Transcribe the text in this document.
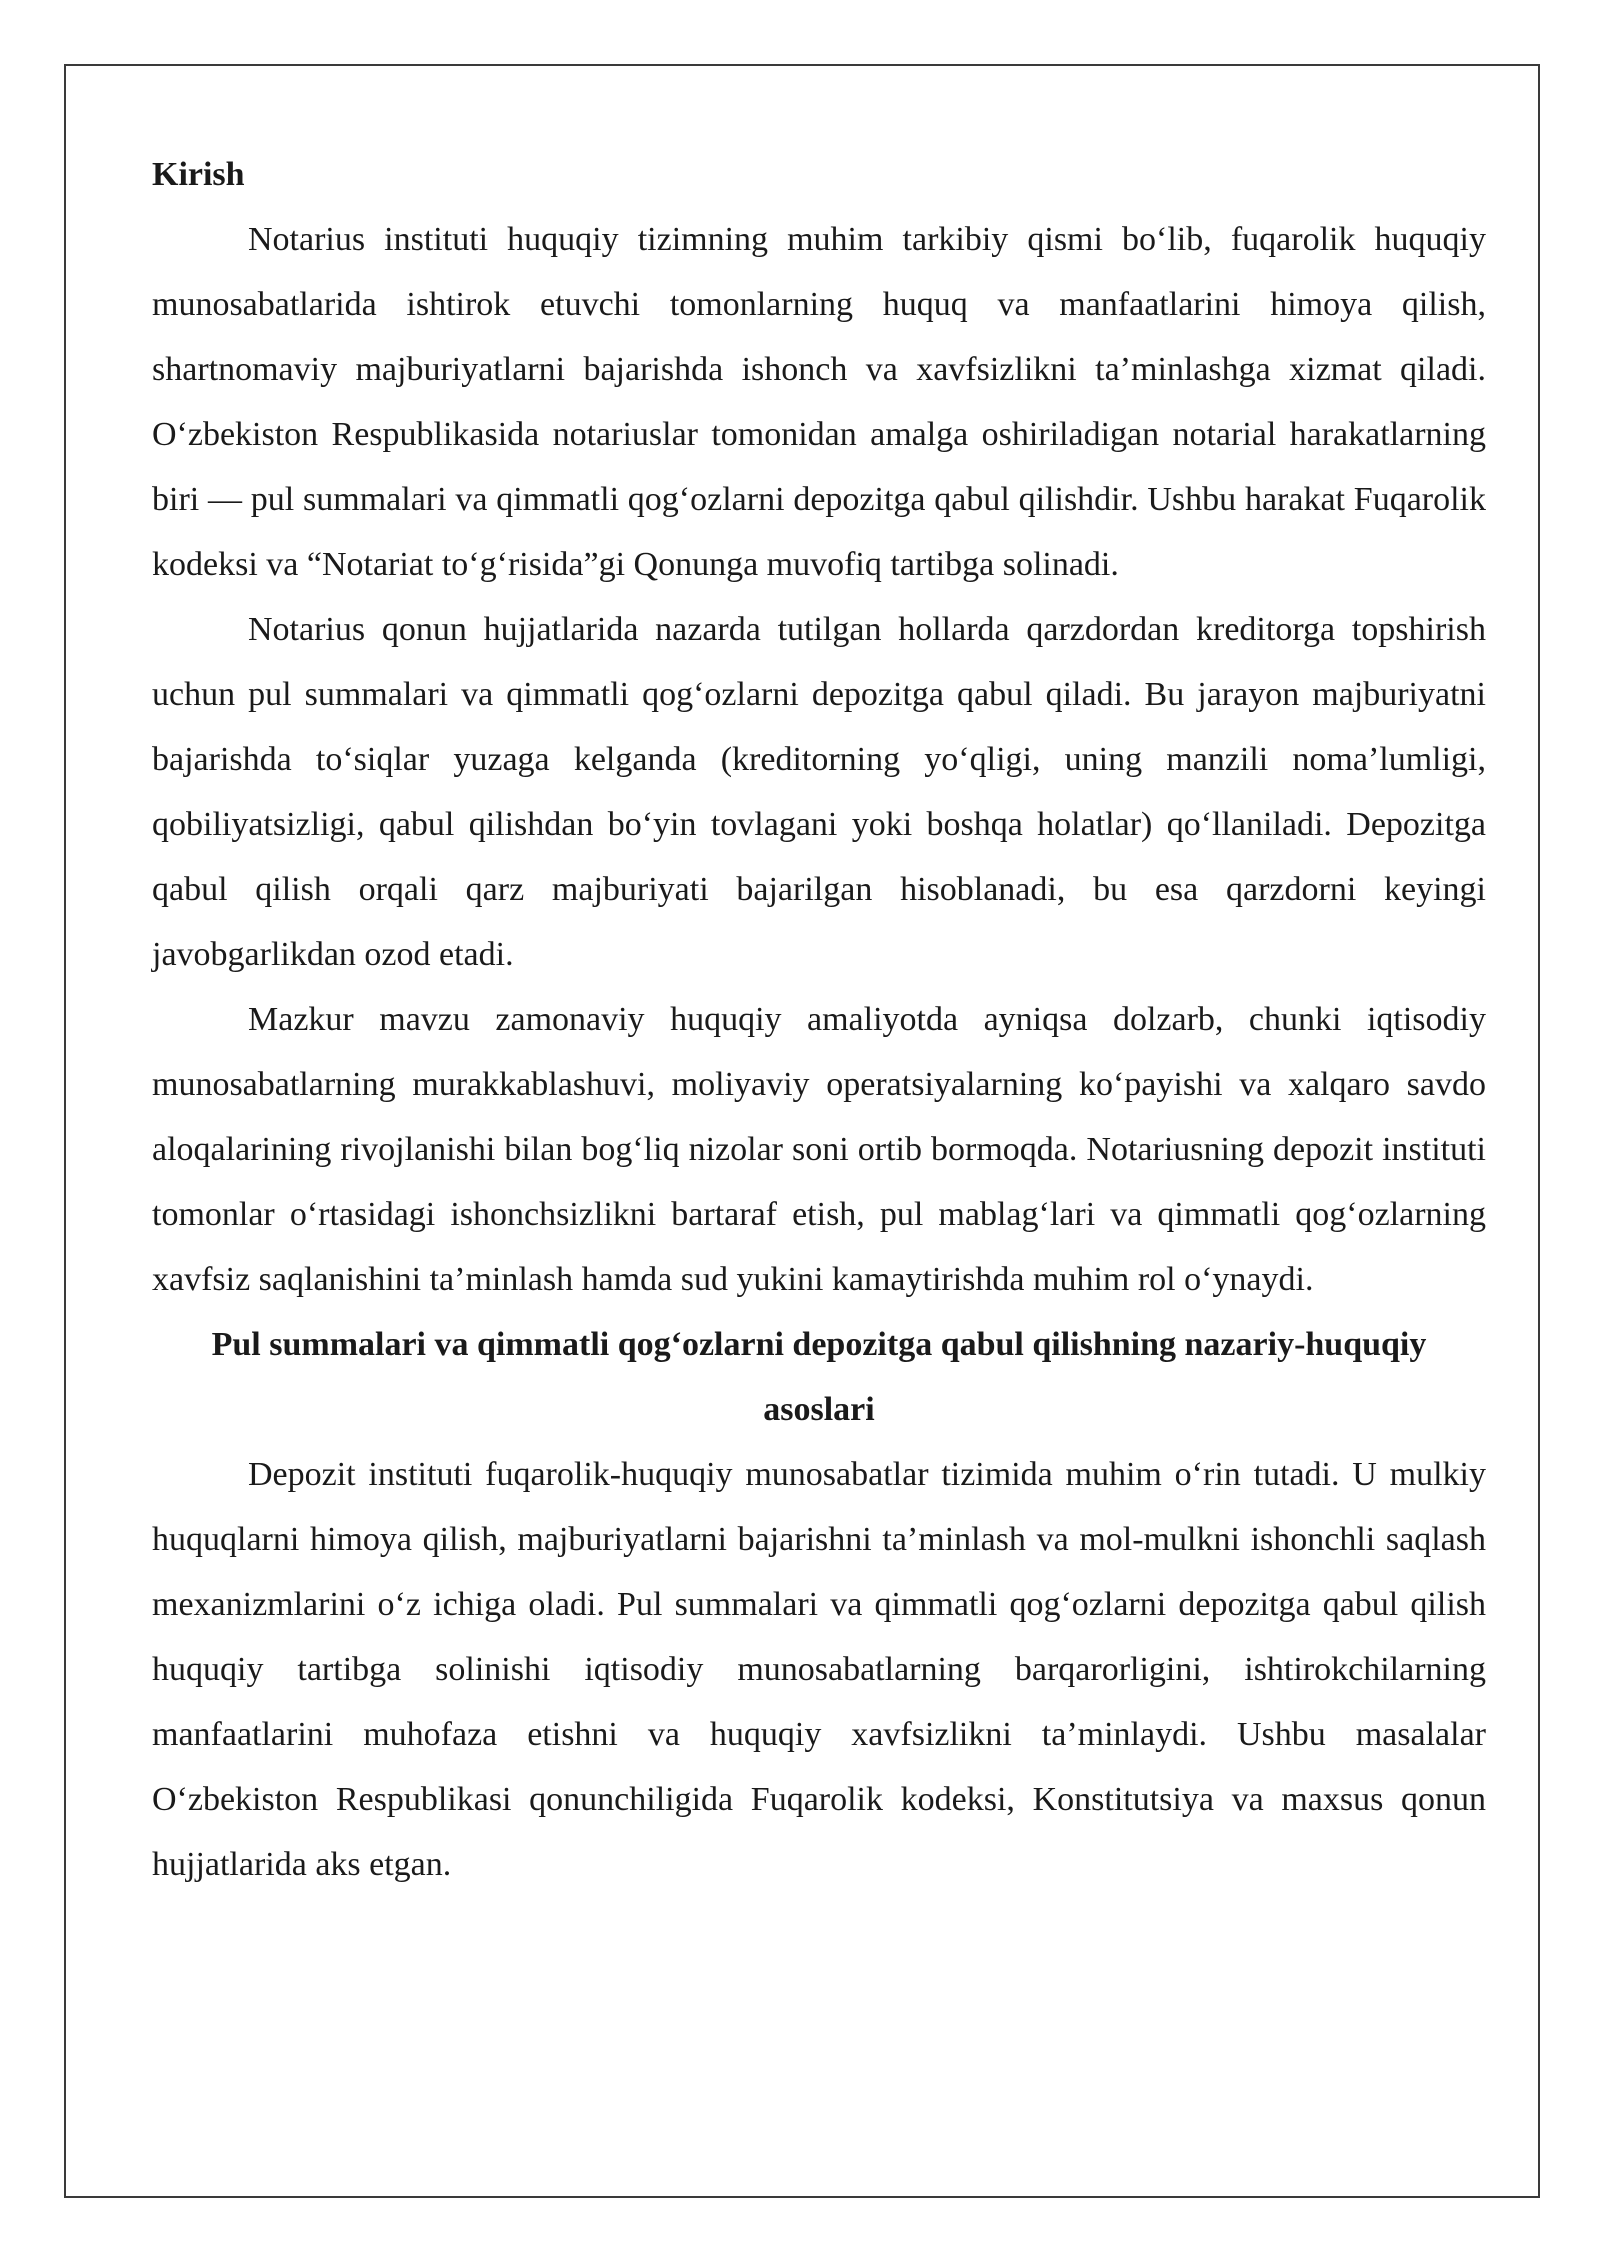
Kirish

Notarius instituti huquqiy tizimning muhim tarkibiy qismi bo‘lib, fuqarolik huquqiy munosabatlarida ishtirok etuvchi tomonlarning huquq va manfaatlarini himoya qilish, shartnomaviy majburiyatlarni bajarishda ishonch va xavfsizlikni ta’minlashga xizmat qiladi. O‘zbekiston Respublikasida notariuslar tomonidan amalga oshiriladigan notarial harakatlarning biri — pul summalari va qimmatli qog‘ozlarni depozitga qabul qilishdir. Ushbu harakat Fuqarolik kodeksi va “Notariat to‘g‘risida”gi Qonunga muvofiq tartibga solinadi.

Notarius qonun hujjatlarida nazarda tutilgan hollarda qarzdordan kreditorga topshirish uchun pul summalari va qimmatli qog‘ozlarni depozitga qabul qiladi. Bu jarayon majburiyatni bajarishda to‘siqlar yuzaga kelganda (kreditorning yo‘qligi, uning manzili noma’lumligi, qobiliyatsizligi, qabul qilishdan bo‘yin tovlagani yoki boshqa holatlar) qo‘llaniladi. Depozitga qabul qilish orqali qarz majburiyati bajarilgan hisoblanadi, bu esa qarzdorni keyingi javobgarlikdan ozod etadi.

Mazkur mavzu zamonaviy huquqiy amaliyotda ayniqsa dolzarb, chunki iqtisodiy munosabatlarning murakkablashuvi, moliyaviy operatsiyalarning ko‘payishi va xalqaro savdo aloqalarining rivojlanishi bilan bog‘liq nizolar soni ortib bormoqda. Notariusning depozit instituti tomonlar o‘rtasidagi ishonchsizlikni bartaraf etish, pul mablag‘lari va qimmatli qog‘ozlarning xavfsiz saqlanishini ta’minlash hamda sud yukini kamaytirishda muhim rol o‘ynaydi.

Pul summalari va qimmatli qog‘ozlarni depozitga qabul qilishning nazariy-huquqiy asoslari

Depozit instituti fuqarolik-huquqiy munosabatlar tizimida muhim o‘rin tutadi. U mulkiy huquqlarni himoya qilish, majburiyatlarni bajarishni ta’minlash va mol-mulkni ishonchli saqlash mexanizmlarini o‘z ichiga oladi. Pul summalari va qimmatli qog‘ozlarni depozitga qabul qilish huquqiy tartibga solinishi iqtisodiy munosabatlarning barqarorligini, ishtirokchilarning manfaatlarini muhofaza etishni va huquqiy xavfsizlikni ta’minlaydi. Ushbu masalalar O‘zbekiston Respublikasi qonunchiligida Fuqarolik kodeksi, Konstitutsiya va maxsus qonun hujjatlarida aks etgan.
